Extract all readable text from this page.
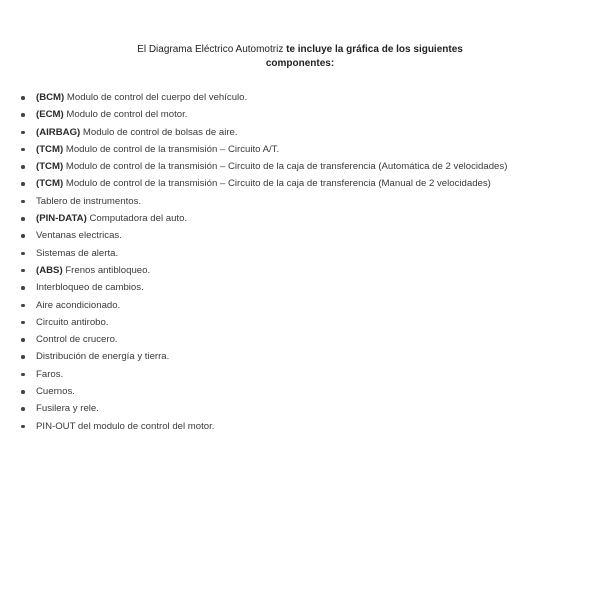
El Diagrama Eléctrico Automotriz te incluye la gráfica de los siguientes
componentes:
(BCM) Modulo de control del cuerpo del vehículo.
(ECM) Modulo de control del motor.
(AIRBAG) Modulo de control de bolsas de aire.
(TCM) Modulo de control de la transmisión – Circuito A/T.
(TCM) Modulo de control de la transmisión – Circuito de la caja de transferencia (Automática de 2 velocidades)
(TCM) Modulo de control de la transmisión – Circuito de la caja de transferencia (Manual de 2 velocidades)
Tablero de instrumentos.
(PIN-DATA) Computadora del auto.
Ventanas electricas.
Sistemas de alerta.
(ABS) Frenos antibloqueo.
Interbloqueo de cambios.
Aire acondicionado.
Circuito antirobo.
Control de crucero.
Distribución de energía y tierra.
Faros.
Cuernos.
Fusilera y rele.
PIN-OUT del modulo de control del motor.
